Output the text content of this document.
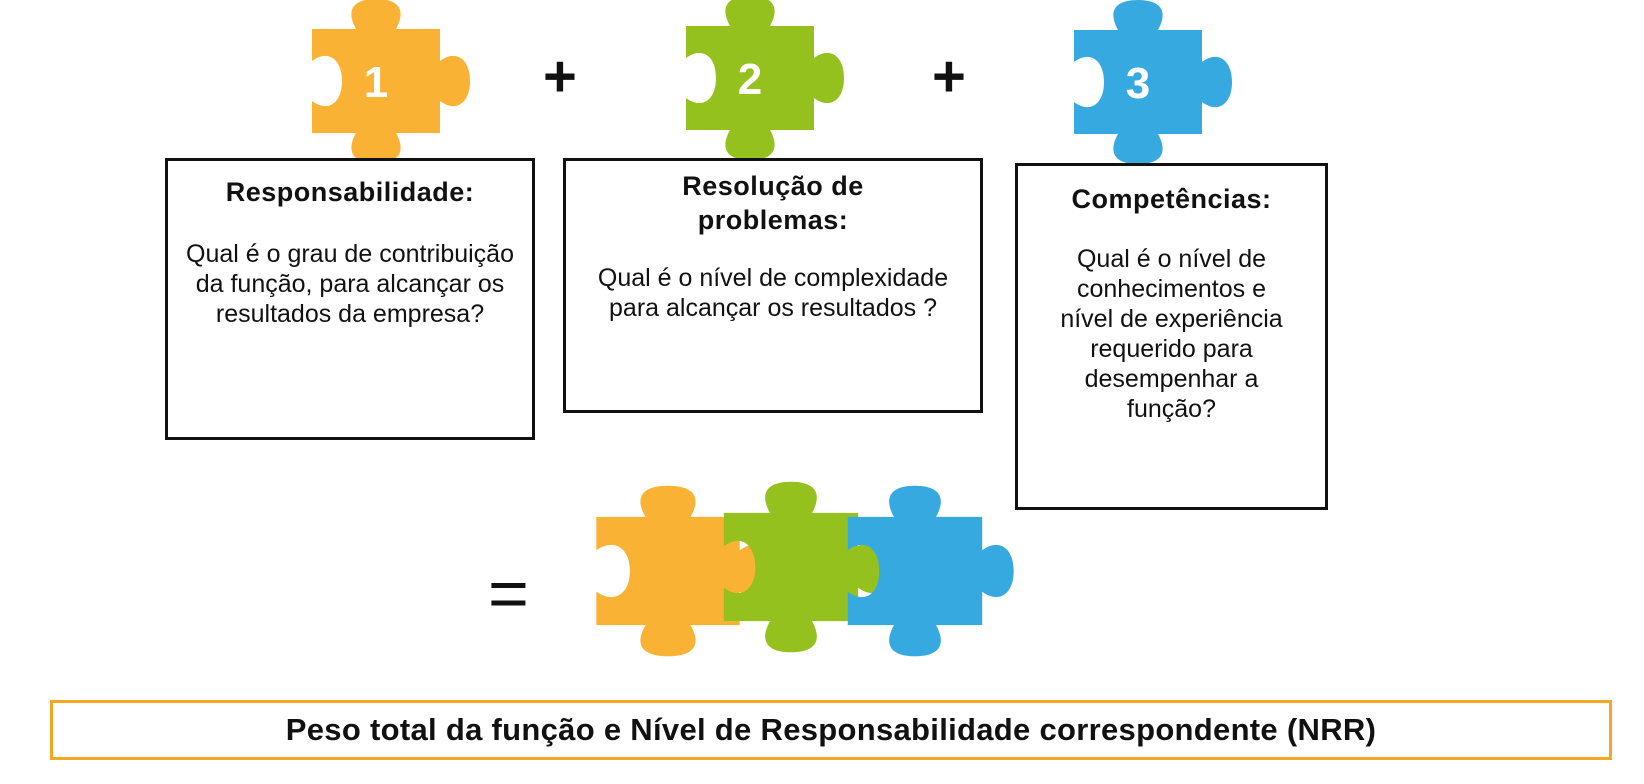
1	2	3
+	+
=
Responsabilidade:
Qual é o grau de contribuição da função, para alcançar os resultados da empresa?
Resolução de problemas:
Qual é o nível de complexidade para alcançar os resultados ?
Competências:
Qual é o nível de conhecimentos e nível de experiência requerido para desempenhar a função?
Peso total da função e Nível de Responsabilidade correspondente (NRR)
